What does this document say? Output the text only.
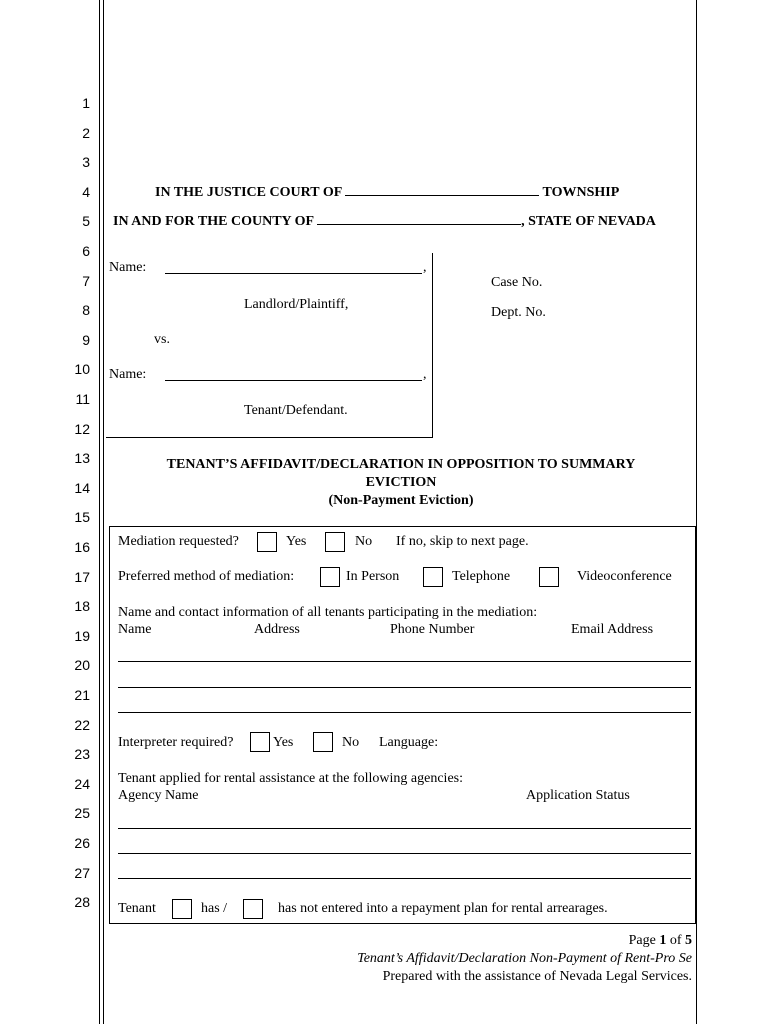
1
2
3
4
5
6
7
8
9
10
11
12
13
14
15
16
17
18
19
20
21
22
23
24
25
26
27
28
IN THE JUSTICE COURT OF	TOWNSHIP
IN AND FOR THE COUNTY OF	, STATE OF NEVADA
Name:	,
Landlord/Plaintiff,
vs.
Name:	,
Tenant/Defendant.
Case No.
Dept. No.
TENANT’S AFFIDAVIT/DECLARATION IN OPPOSITION TO SUMMARY
EVICTION
(Non-Payment Eviction)
Mediation requested?	Yes	No If no, skip to next page.
Preferred method of mediation:	In Person	Telephone	Videoconference
Name and contact information of all tenants participating in the mediation:
Name	Address	Phone Number	Email Address
Interpreter required?	Yes	No Language:
Tenant applied for rental assistance at the following agencies:
Agency Name	Application Status
Tenant	has /	has not entered into a repayment plan for rental arrearages.
Page 1 of 5
Tenant’s Affidavit/Declaration Non-Payment of Rent-Pro Se
Prepared with the assistance of Nevada Legal Services.
